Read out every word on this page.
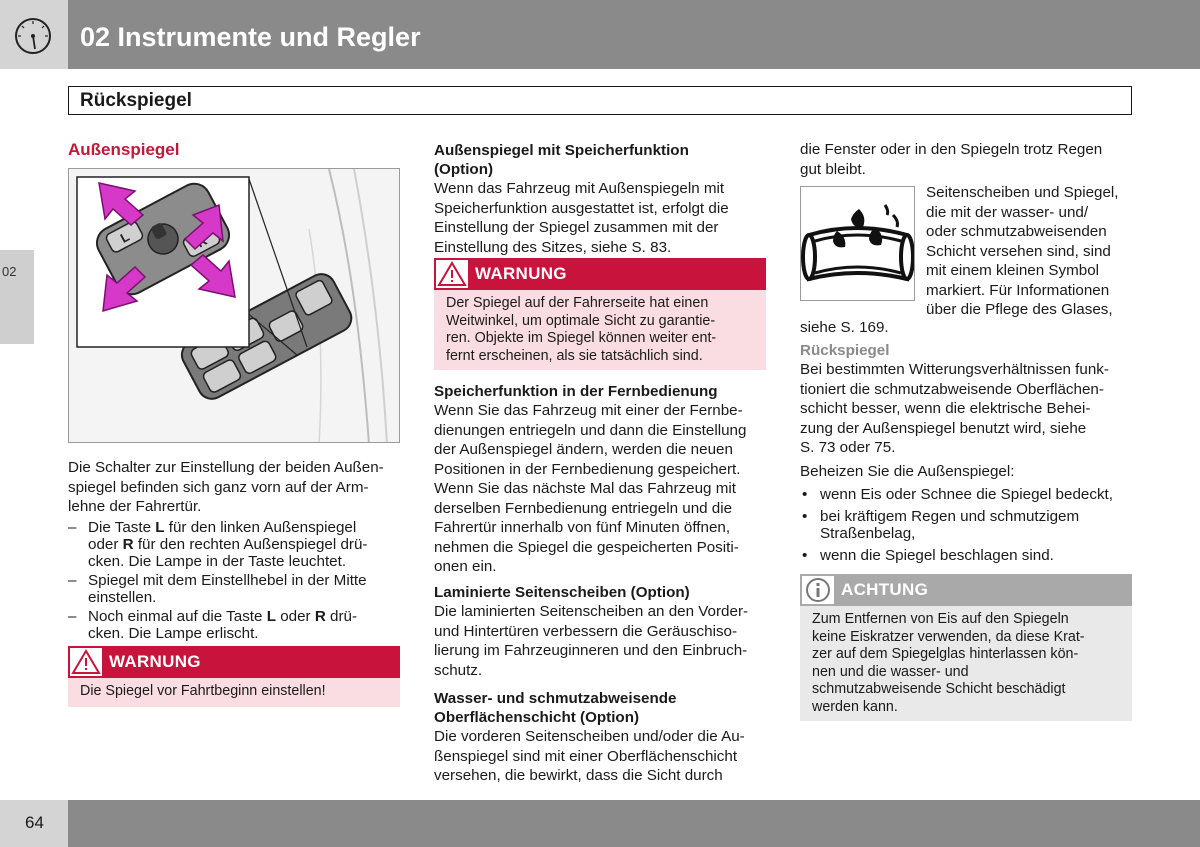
02 Instrumente und Regler
Rückspiegel
02
Außenspiegel
L
Die Schalter zur Einstellung der beiden Außen-
spiegel befinden sich ganz vorn auf der Arm-
lehne der Fahrertür.
– Die Taste L für den linken Außenspiegel
oder R für den rechten Außenspiegel drü-
cken. Die Lampe in der Taste leuchtet.
– Spiegel mit dem Einstellhebel in der Mitte
einstellen.
– Noch einmal auf die Taste L oder R drü-
cken. Die Lampe erlischt.
WARNUNG
Die Spiegel vor Fahrtbeginn einstellen!
Außenspiegel mit Speicherfunktion
(Option)
Wenn das Fahrzeug mit Außenspiegeln mit
Speicherfunktion ausgestattet ist, erfolgt die
Einstellung der Spiegel zusammen mit der
Einstellung des Sitzes, siehe S. 83.
WARNUNG
Der Spiegel auf der Fahrerseite hat einen
Weitwinkel, um optimale Sicht zu garantie-
ren. Objekte im Spiegel können weiter ent-
fernt erscheinen, als sie tatsächlich sind.
Speicherfunktion in der Fernbedienung
Wenn Sie das Fahrzeug mit einer der Fernbe-
dienungen entriegeln und dann die Einstellung
der Außenspiegel ändern, werden die neuen
Positionen in der Fernbedienung gespeichert.
Wenn Sie das nächste Mal das Fahrzeug mit
derselben Fernbedienung entriegeln und die
Fahrertür innerhalb von fünf Minuten öffnen,
nehmen die Spiegel die gespeicherten Positi-
onen ein.
Laminierte Seitenscheiben (Option)
Die laminierten Seitenscheiben an den Vorder-
und Hintertüren verbessern die Geräuschiso-
lierung im Fahrzeuginneren und den Einbruch-
schutz.
Wasser- und schmutzabweisende
Oberflächenschicht (Option)
Die vorderen Seitenscheiben und/oder die Au-
ßenspiegel sind mit einer Oberflächenschicht
versehen, die bewirkt, dass die Sicht durch
die Fenster oder in den Spiegeln trotz Regen
gut bleibt.
Seitenscheiben und Spiegel,
die mit der wasser- und/
oder schmutzabweisenden
Schicht versehen sind, sind
mit einem kleinen Symbol
markiert. Für Informationen
über die Pflege des Glases,
siehe S. 169.
Rückspiegel
Bei bestimmten Witterungsverhältnissen funk-
tioniert die schmutzabweisende Oberflächen-
schicht besser, wenn die elektrische Behei-
zung der Außenspiegel benutzt wird, siehe
S. 73 oder 75.
Beheizen Sie die Außenspiegel:
• wenn Eis oder Schnee die Spiegel bedeckt,
• bei kräftigem Regen und schmutzigem
Straßenbelag,
• wenn die Spiegel beschlagen sind.
ACHTUNG
Zum Entfernen von Eis auf den Spiegeln
keine Eiskratzer verwenden, da diese Krat-
zer auf dem Spiegelglas hinterlassen kön-
nen und die wasser- und
schmutzabweisende Schicht beschädigt
werden kann.
64
